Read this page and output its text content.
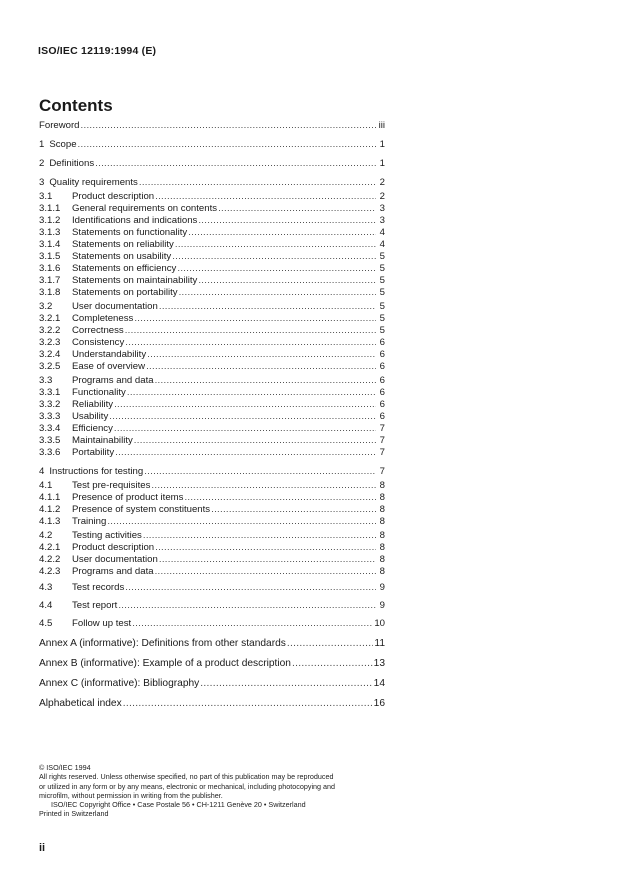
ISO/IEC 12119:1994 (E)
Contents
Foreword .....	iii
1 Scope .....	1
2 Definitions .....	1
3 Quality requirements .....	2
3.1	Product description .....	2
3.1.1	General requirements on contents .....	3
3.1.2	Identifications and indications .....	3
3.1.3	Statements on functionality .....	4
3.1.4	Statements on reliability .....	4
3.1.5	Statements on usability .....	5
3.1.6	Statements on efficiency .....	5
3.1.7	Statements on maintainability .....	5
3.1.8	Statements on portability .....	5
3.2	User documentation .....	5
3.2.1	Completeness .....	5
3.2.2	Correctness .....	5
3.2.3	Consistency .....	6
3.2.4	Understandability .....	6
3.2.5	Ease of overview .....	6
3.3	Programs and data .....	6
3.3.1	Functionality .....	6
3.3.2	Reliability .....	6
3.3.3	Usability .....	6
3.3.4	Efficiency .....	7
3.3.5	Maintainability .....	7
3.3.6	Portability .....	7
4 Instructions for testing .....	7
4.1	Test pre-requisites .....	8
4.1.1	Presence of product items .....	8
4.1.2	Presence of system constituents .....	8
4.1.3	Training .....	8
4.2	Testing activities .....	8
4.2.1	Product description .....	8
4.2.2	User documentation .....	8
4.2.3	Programs and data .....	8
4.3	Test records .....	9
4.4	Test report .....	9
4.5	Follow up test .....	10
Annex A (informative): Definitions from other standards .....	11
Annex B (informative): Example of a product description .....	13
Annex C (informative): Bibliography .....	14
Alphabetical index .....	16
© ISO/IEC 1994
All rights reserved. Unless otherwise specified, no part of this publication may be reproduced
or utilized in any form or by any means, electronic or mechanical, including photocopying and
microfilm, without permission in writing from the publisher.
ISO/IEC Copyright Office • Case Postale 56 • CH-1211 Genève 20 • Switzerland
Printed in Switzerland
ii
